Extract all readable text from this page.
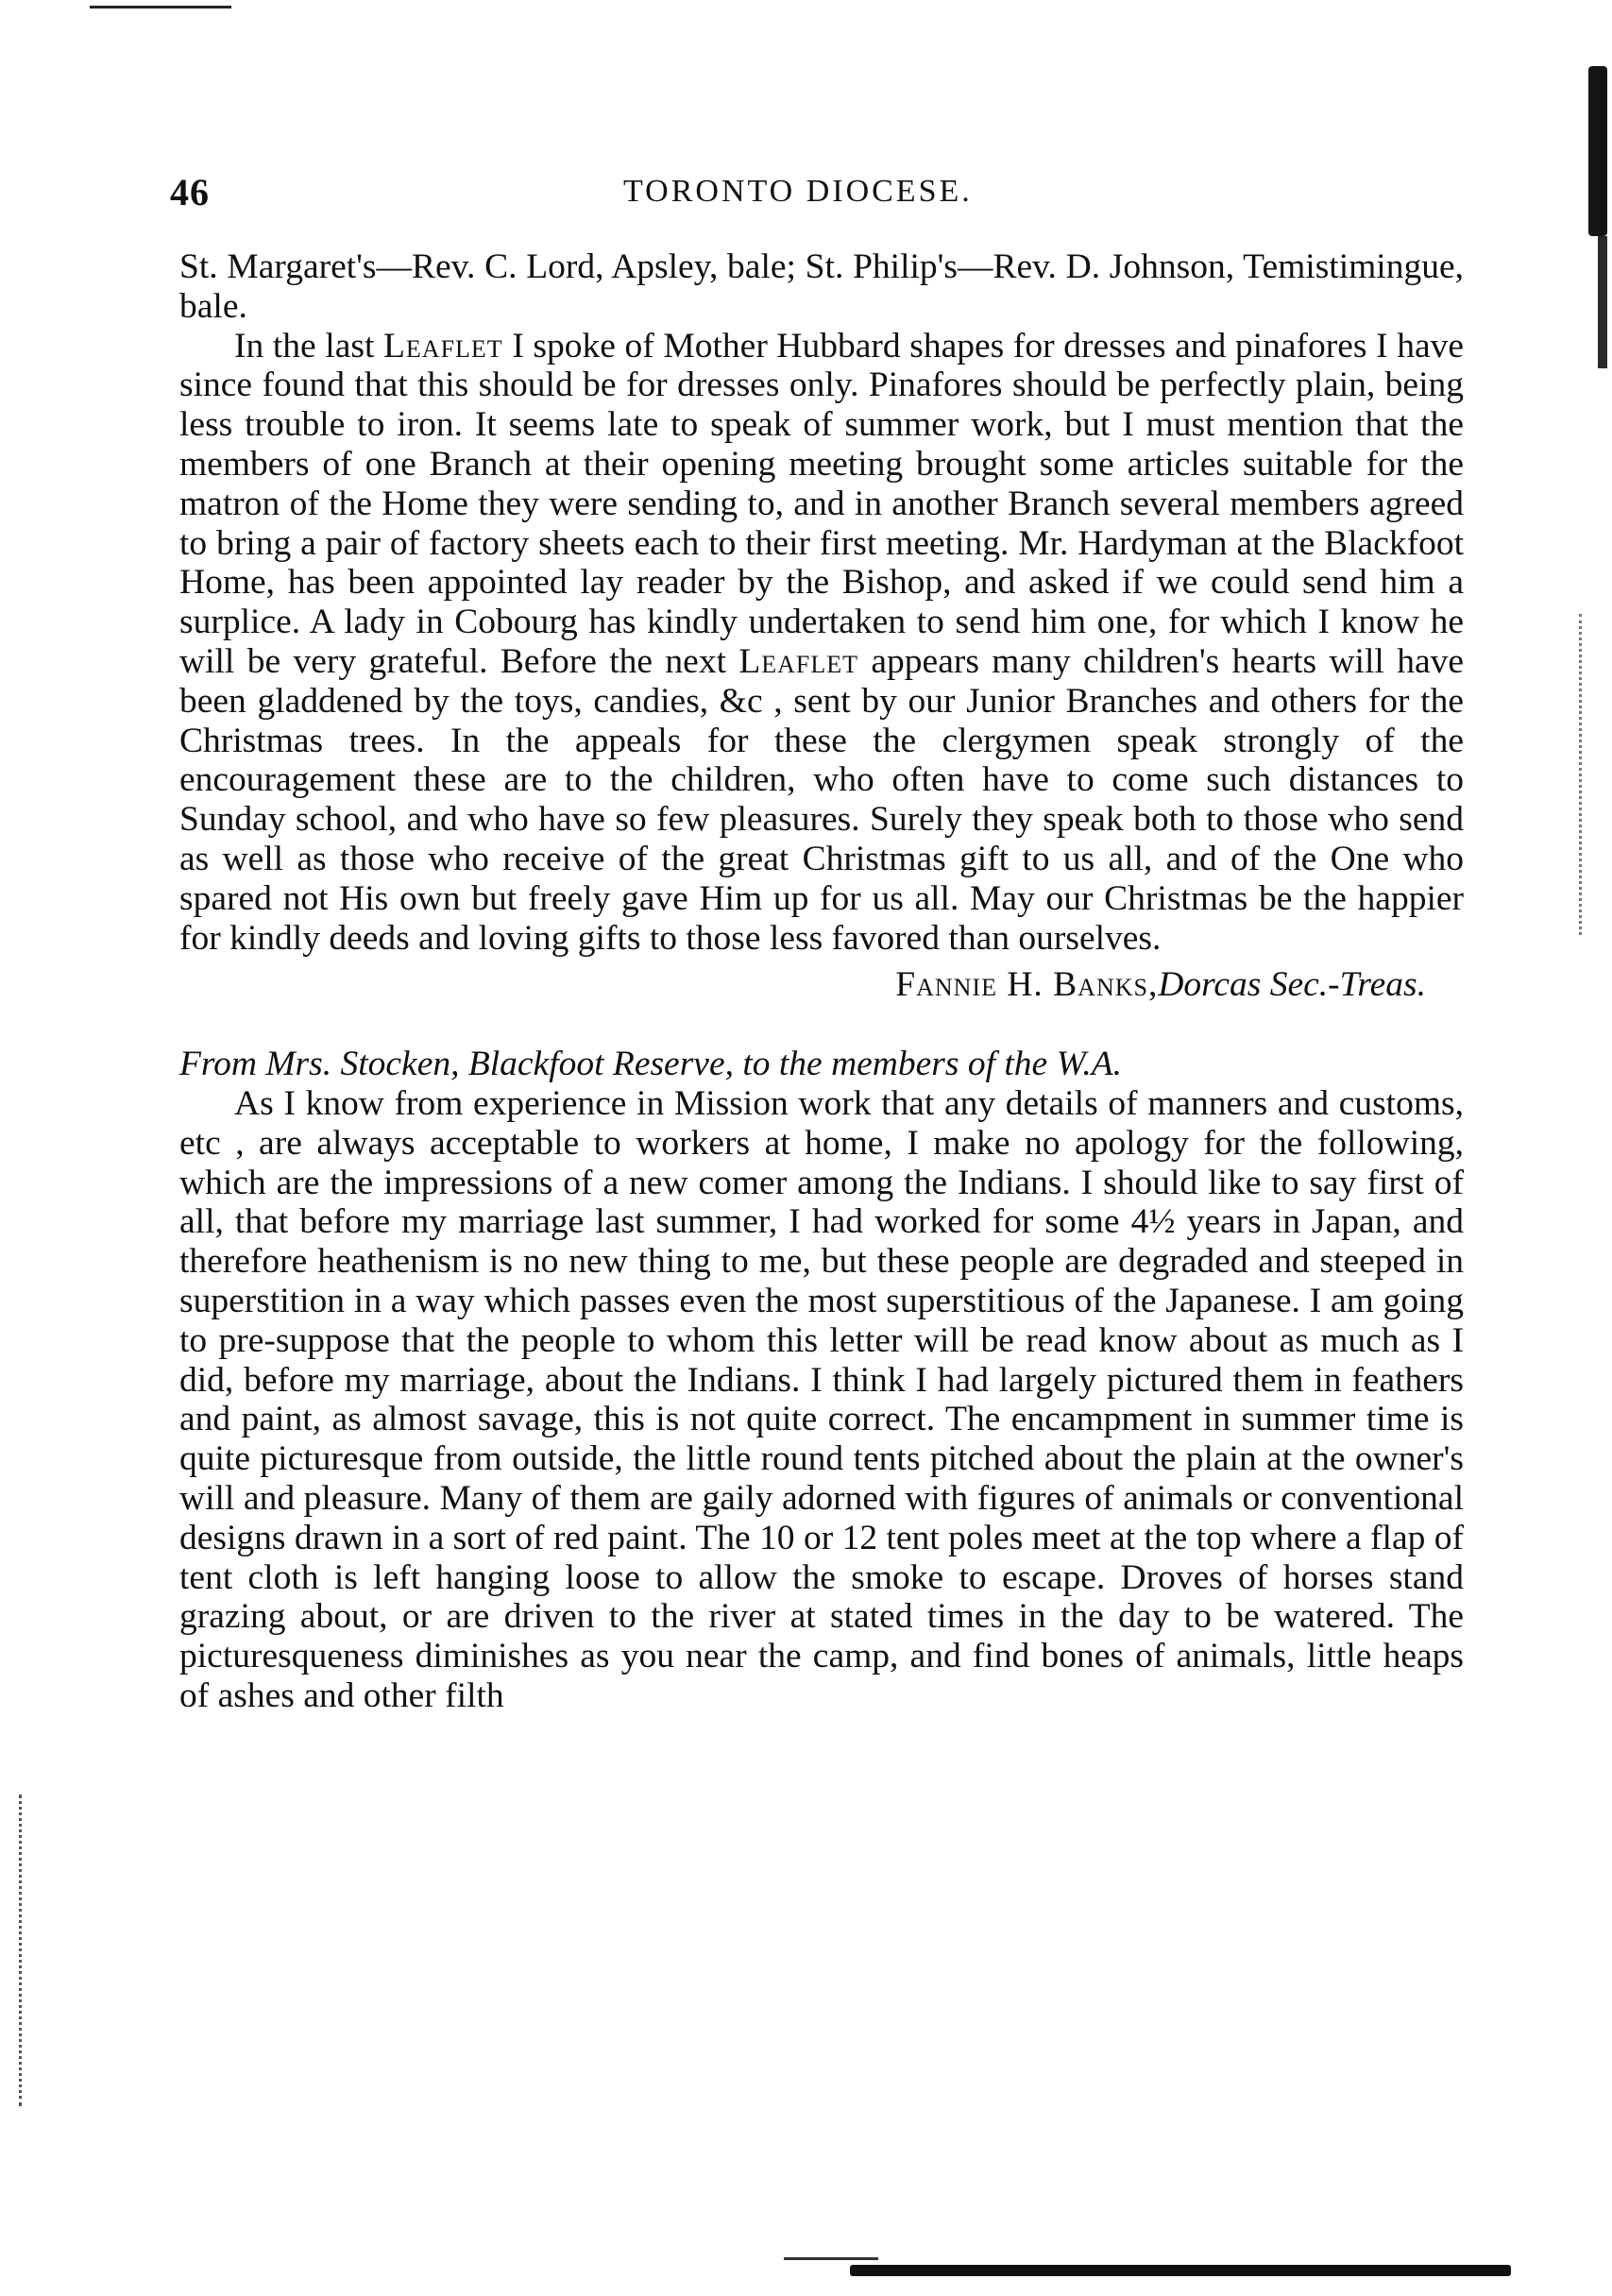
46	TORONTO DIOCESE.

St. Margaret's—Rev. C. Lord, Apsley, bale; St. Philip's—Rev. D. Johnson, Temistimingue, bale.

In the last Leaflet I spoke of Mother Hubbard shapes for dresses and pinafores I have since found that this should be for dresses only. Pinafores should be perfectly plain, being less trouble to iron. It seems late to speak of summer work, but I must mention that the members of one Branch at their opening meeting brought some articles suitable for the matron of the Home they were sending to, and in another Branch several members agreed to bring a pair of factory sheets each to their first meeting. Mr. Hardyman at the Blackfoot Home, has been appointed lay reader by the Bishop, and asked if we could send him a surplice. A lady in Cobourg has kindly undertaken to send him one, for which I know he will be very grateful. Before the next Leaflet appears many children's hearts will have been gladdened by the toys, candies, &c , sent by our Junior Branches and others for the Christmas trees. In the appeals for these the clergymen speak strongly of the encouragement these are to the children, who often have to come such distances to Sunday school, and who have so few pleasures. Surely they speak both to those who send as well as those who receive of the great Christmas gift to us all, and of the One who spared not His own but freely gave Him up for us all. May our Christmas be the happier for kindly deeds and loving gifts to those less favored than ourselves.

Fannie H. Banks,Dorcas Sec.-Treas.

From Mrs. Stocken, Blackfoot Reserve, to the members of the W.A.

As I know from experience in Mission work that any details of manners and customs, etc , are always acceptable to workers at home, I make no apology for the following, which are the impressions of a new comer among the Indians. I should like to say first of all, that before my marriage last summer, I had worked for some 4½ years in Japan, and therefore heathenism is no new thing to me, but these people are degraded and steeped in superstition in a way which passes even the most superstitious of the Japanese. I am going to pre-suppose that the people to whom this letter will be read know about as much as I did, before my marriage, about the Indians. I think I had largely pictured them in feathers and paint, as almost savage, this is not quite correct. The encampment in summer time is quite picturesque from outside, the little round tents pitched about the plain at the owner's will and pleasure. Many of them are gaily adorned with figures of animals or conventional designs drawn in a sort of red paint. The 10 or 12 tent poles meet at the top where a flap of tent cloth is left hanging loose to allow the smoke to escape. Droves of horses stand grazing about, or are driven to the river at stated times in the day to be watered. The picturesqueness diminishes as you near the camp, and find bones of animals, little heaps of ashes and other filth
